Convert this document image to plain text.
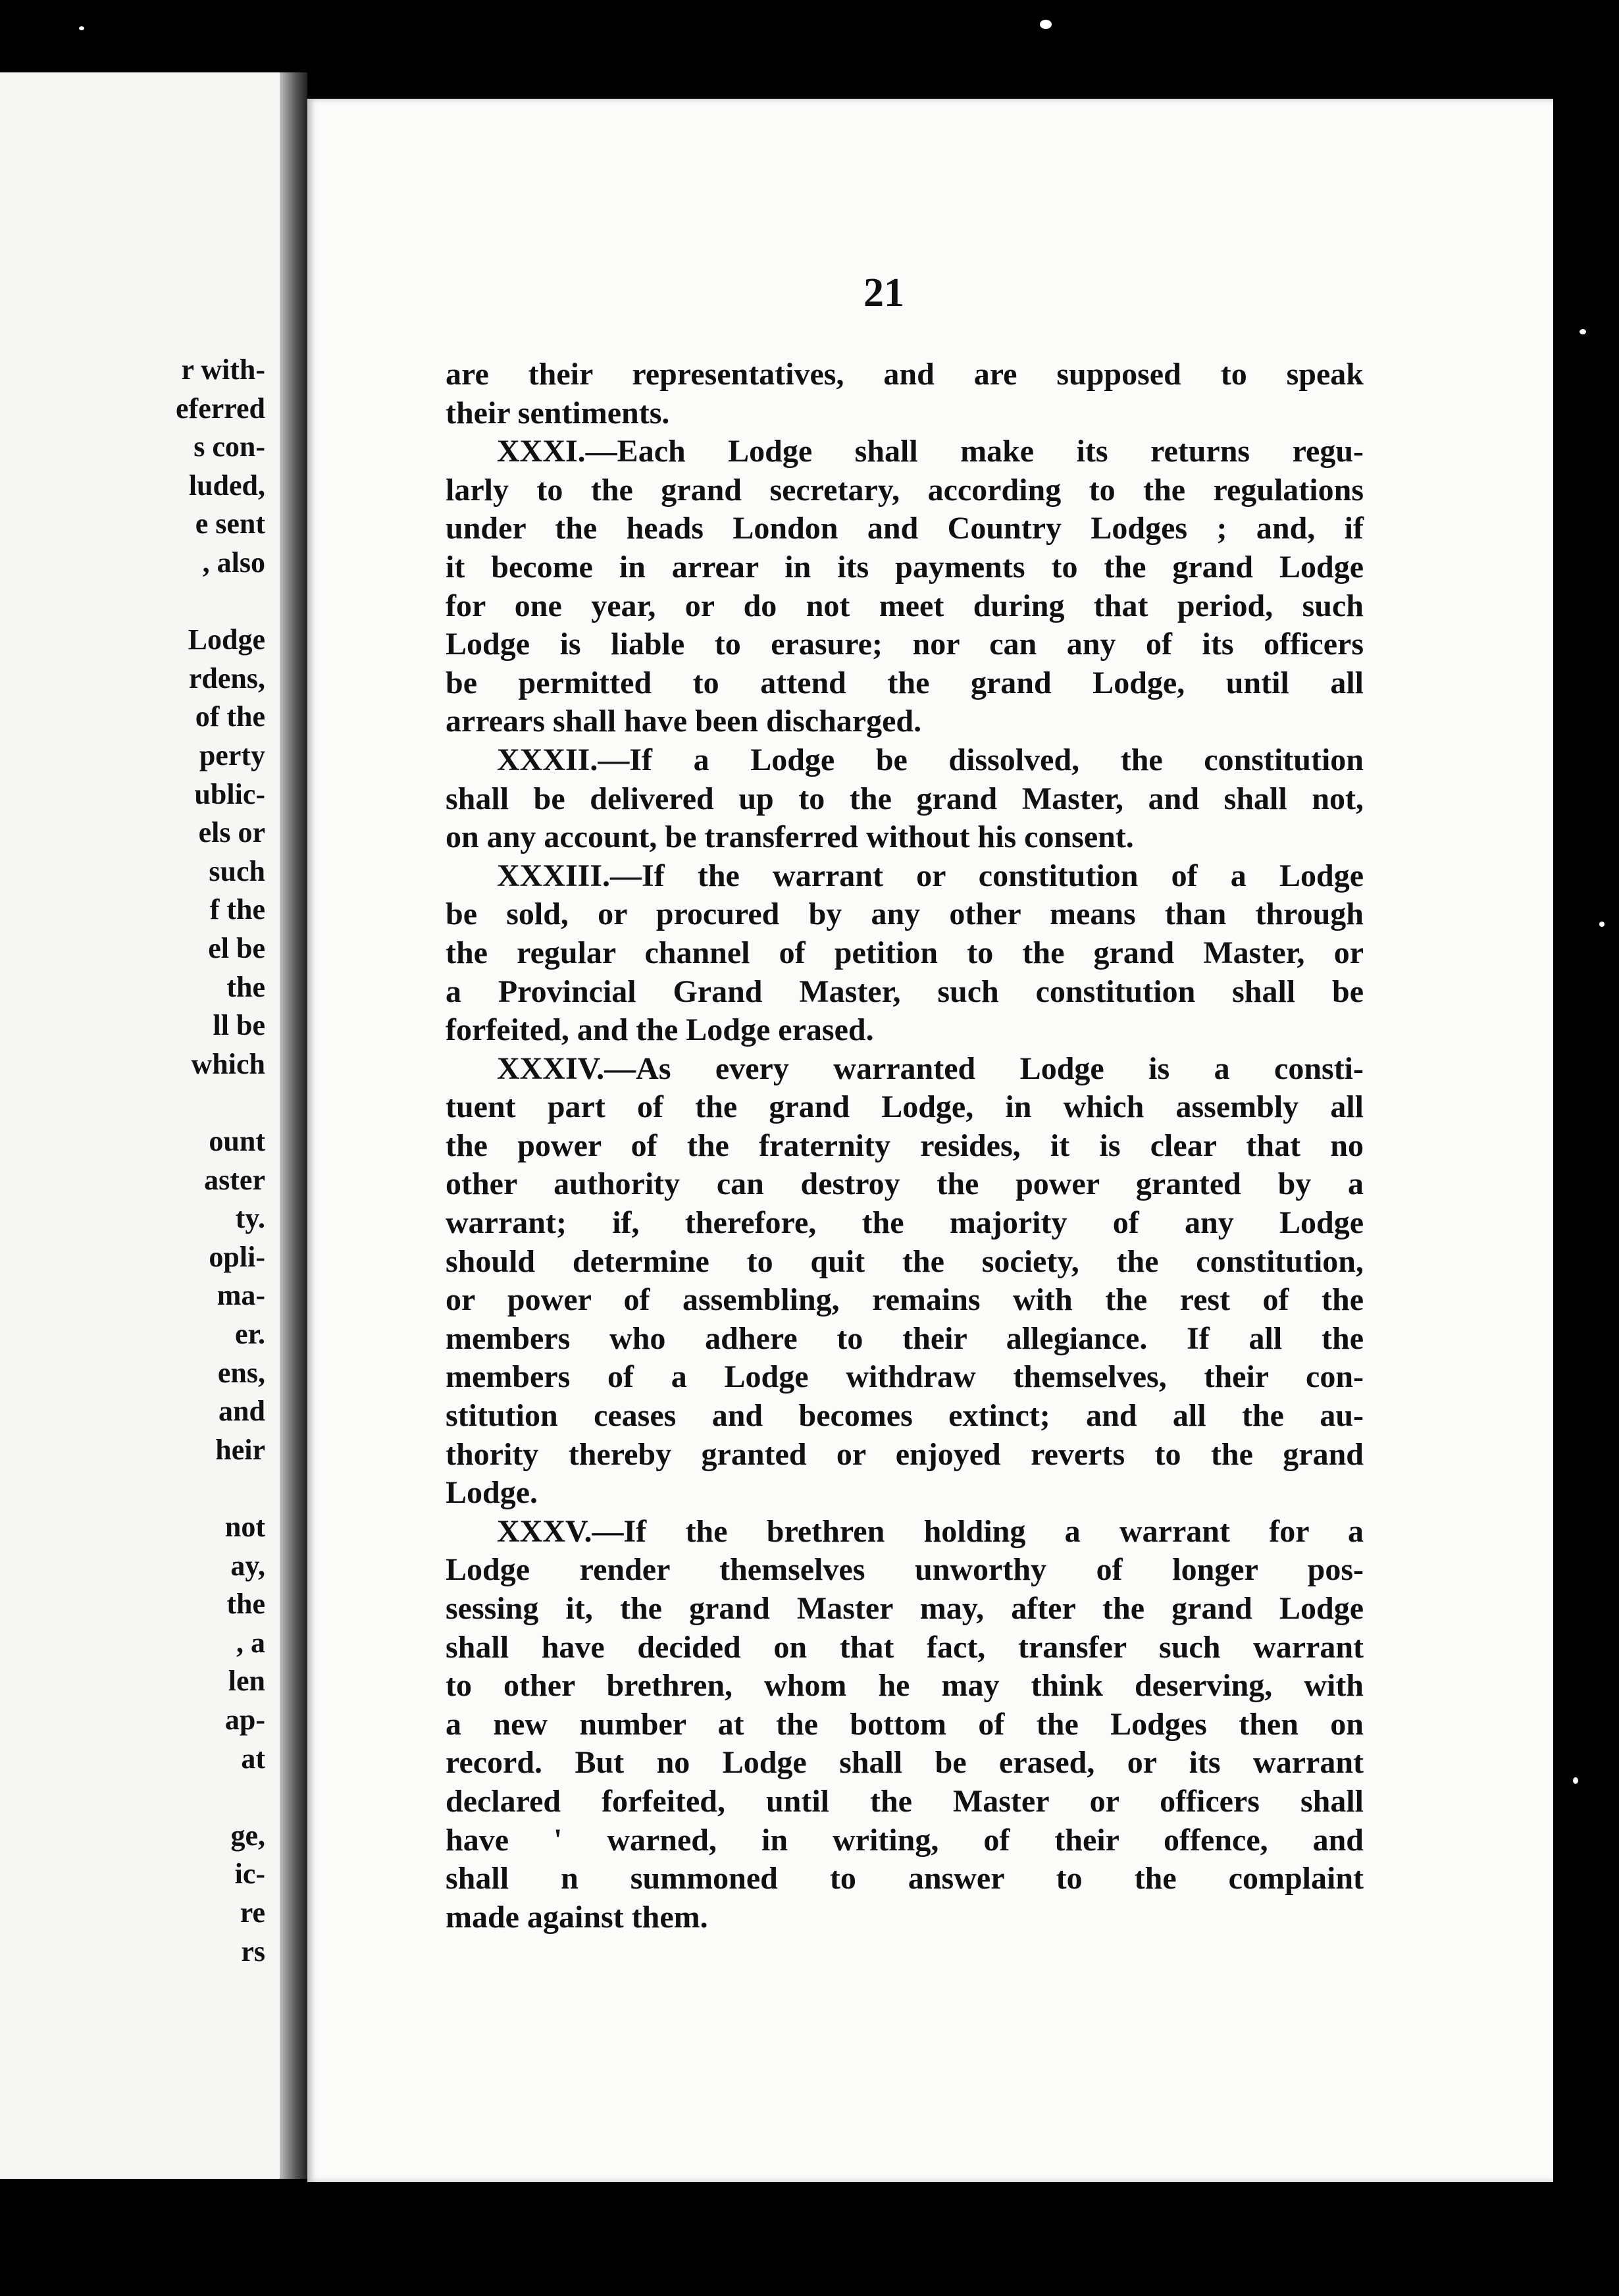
r with-
eferred
s con-
luded,
e sent
, also
Lodge
rdens,
of the
perty
ublic-
els or
such
f the
el be
the
ll be
which
ount
aster
ty.
opli-
ma-
er.
ens,
and
heir
not
ay,
the
, a
len
ap-
at
ge,
ic-
re
rs
21
are their representatives, and are supposed to speak
their sentiments.
XXXI.—Each Lodge shall make its returns regu-
larly to the grand secretary, according to the regulations
under the heads London and Country Lodges ; and, if
it become in arrear in its payments to the grand Lodge
for one year, or do not meet during that period, such
Lodge is liable to erasure; nor can any of its officers
be permitted to attend the grand Lodge, until all
arrears shall have been discharged.
XXXII.—If a Lodge be dissolved, the constitution
shall be delivered up to the grand Master, and shall not,
on any account, be transferred without his consent.
XXXIII.—If the warrant or constitution of a Lodge
be sold, or procured by any other means than through
the regular channel of petition to the grand Master, or
a Provincial Grand Master, such constitution shall be
forfeited, and the Lodge erased.
XXXIV.—As every warranted Lodge is a consti-
tuent part of the grand Lodge, in which assembly all
the power of the fraternity resides, it is clear that no
other authority can destroy the power granted by a
warrant; if, therefore, the majority of any Lodge
should determine to quit the society, the constitution,
or power of assembling, remains with the rest of the
members who adhere to their allegiance. If all the
members of a Lodge withdraw themselves, their con-
stitution ceases and becomes extinct; and all the au-
thority thereby granted or enjoyed reverts to the grand
Lodge.
XXXV.—If the brethren holding a warrant for a
Lodge render themselves unworthy of longer pos-
sessing it, the grand Master may, after the grand Lodge
shall have decided on that fact, transfer such warrant
to other brethren, whom he may think deserving, with
a new number at the bottom of the Lodges then on
record. But no Lodge shall be erased, or its warrant
declared forfeited, until the Master or officers shall
have ' warned, in writing, of their offence, and
shall n summoned to answer to the complaint
made against them.
